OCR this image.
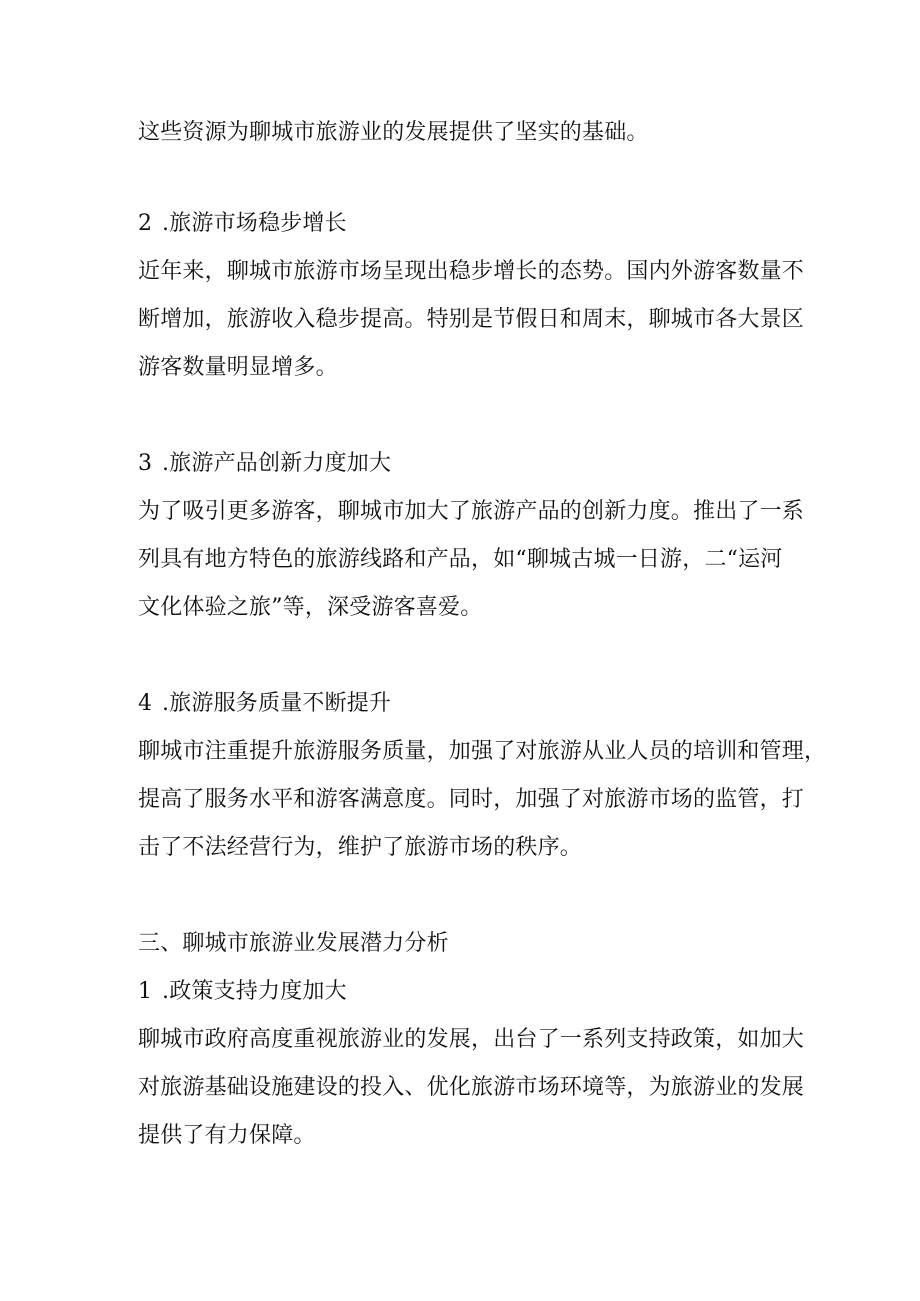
这些资源为聊城市旅游业的发展提供了坚实的基础。
2 .旅游市场稳步增长
近年来，聊城市旅游市场呈现出稳步增长的态势。国内外游客数量不
断增加，旅游收入稳步提高。特别是节假日和周末，聊城市各大景区
游客数量明显增多。
3 .旅游产品创新力度加大
为了吸引更多游客，聊城市加大了旅游产品的创新力度。推出了一系
列具有地方特色的旅游线路和产品，如“聊城古城一日游，二“运河
文化体验之旅”等，深受游客喜爱。
4 .旅游服务质量不断提升
聊城市注重提升旅游服务质量，加强了对旅游从业人员的培训和管理，
提高了服务水平和游客满意度。同时，加强了对旅游市场的监管，打
击了不法经营行为，维护了旅游市场的秩序。
三、聊城市旅游业发展潜力分析
1 .政策支持力度加大
聊城市政府高度重视旅游业的发展，出台了一系列支持政策，如加大
对旅游基础设施建设的投入、优化旅游市场环境等，为旅游业的发展
提供了有力保障。
